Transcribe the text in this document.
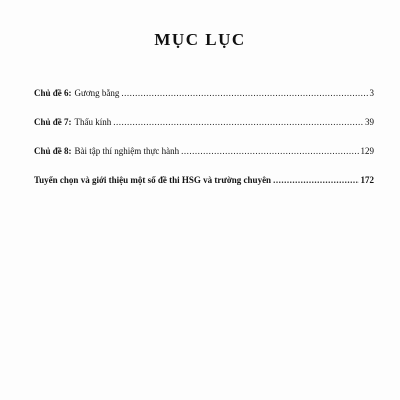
MỤC LỤC
Chủ đề 6: Gương bằng .....	3
Chủ đề 7: Thấu kính .....	39
Chủ đề 8: Bài tập thí nghiệm thực hành .....	129
Tuyển chọn và giới thiệu một số đề thi HSG và trường chuyên .....	172
